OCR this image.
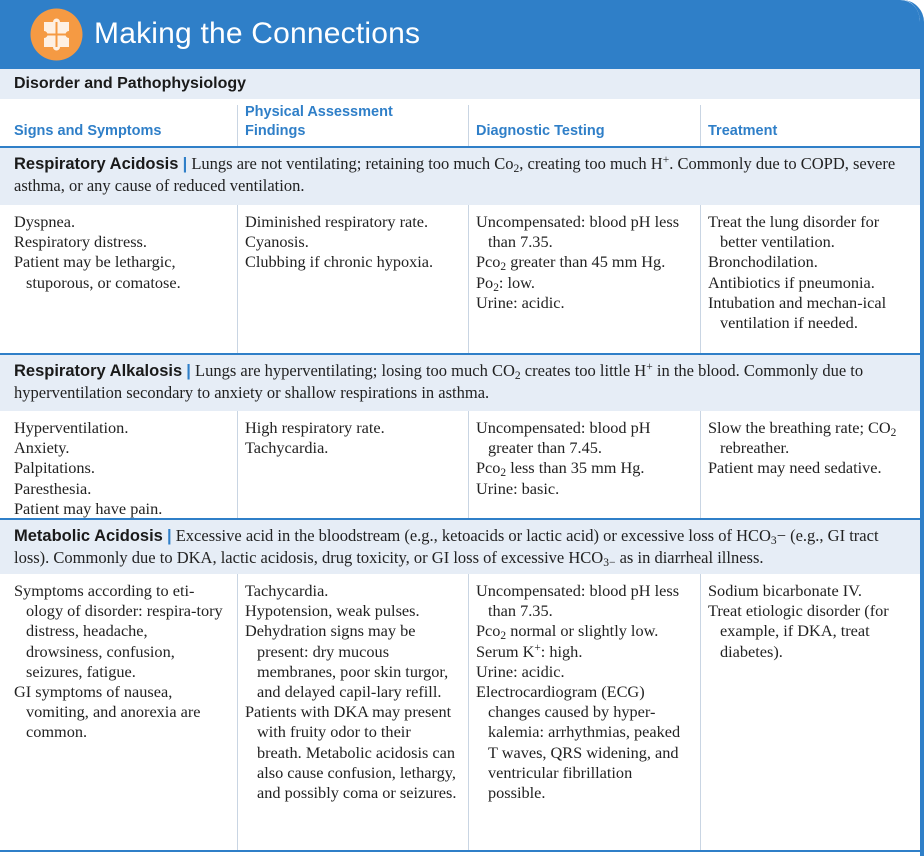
Making the Connections
Disorder and Pathophysiology
Signs and Symptoms
Physical Assessment Findings	Diagnostic Testing	Treatment
Respiratory Acidosis | Lungs are not ventilating; retaining too much $Co_2$, creating too much H+. Commonly due to COPD, severe asthma, or any cause of reduced ventilation.
Dyspnea.
Respiratory distress.
Patient may be lethargic, stuporous, or comatose.
Diminished respiratory rate.
Cyanosis.
Clubbing if chronic hypoxia.
Uncompensated: blood pH less than 7.35.
Pco$_2$ greater than 45 mm Hg.
$Po_2$: low.
Urine: acidic.
Treat the lung disorder for better ventilation.
Bronchodilation.
Antibiotics if pneumonia.
Intubation and mechan-ical ventilation if needed.
Respiratory Alkalosis | Lungs are hyperventilating; losing too much $CO_2$ creates too little H+ in the blood. Commonly due to hyperventilation secondary to anxiety or shallow respirations in asthma.
Hyperventilation.
Anxiety.
Palpitations.
Paresthesia.
Patient may have pain.
High respiratory rate.
Tachycardia.
Uncompensated: blood pH greater than 7.45.
Pco$_2$ less than 35 mm Hg.
Urine: basic.
Slow the breathing rate; $CO_2$ rebreather.
Patient may need sedative.
Metabolic Acidosis | Excessive acid in the bloodstream (e.g., ketoacids or lactic acid) or excessive loss of $HCO_3- (e.g$., GI tract loss). Commonly due to DKA, lactic acidosis, drug toxicity, or GI loss of excessive $HCO_{3-}$ as in diarrheal illness.
Symptoms according to eti-ology of disorder: respira-tory distress, headache, drowsiness, confusion, seizures, fatigue.
GI symptoms of nausea, vomiting, and anorexia are common.
Tachycardia.
Hypotension, weak pulses.
Dehydration signs may be present: dry mucous membranes, poor skin turgor, and delayed capil-lary refill.
Patients with DKA may present with fruity odor to their breath. Metabolic acidosis can also cause confusion, lethargy, and possibly coma or seizures.
Uncompensated: blood pH less than 7.35.
Pco$_2$ normal or slightly low.
Serum K+: high.
Urine: acidic.
Electrocardiogram (ECG) changes caused by hyper-kalemia: arrhythmias, peaked T waves, QRS widening, and ventricular fibrillation possible.
Sodium bicarbonate IV.
Treat etiologic disorder (for example, if DKA, treat diabetes).
